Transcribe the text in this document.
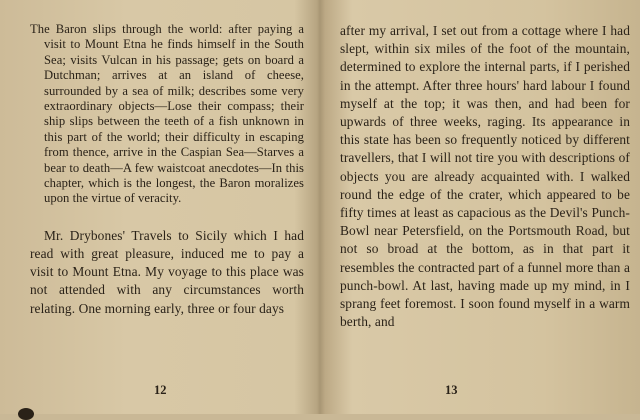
The Baron slips through the world: after paying a visit to Mount Etna he finds himself in the South Sea; visits Vulcan in his passage; gets on board a Dutchman; arrives at an island of cheese, surrounded by a sea of milk; describes some very extraordinary objects—Lose their compass; their ship slips between the teeth of a fish unknown in this part of the world; their difficulty in escaping from thence, arrive in the Caspian Sea—Starves a bear to death—A few waistcoat anecdotes—In this chapter, which is the longest, the Baron moralizes upon the virtue of veracity.

Mr. Drybones' Travels to Sicily which I had read with great pleasure, induced me to pay a visit to Mount Etna. My voyage to this place was not attended with any circumstances worth relating. One morning early, three or four days

12

after my arrival, I set out from a cottage where I had slept, within six miles of the foot of the mountain, determined to explore the internal parts, if I perished in the attempt. After three hours' hard labour I found myself at the top; it was then, and had been for upwards of three weeks, raging. Its appearance in this state has been so frequently noticed by different travellers, that I will not tire you with descriptions of objects you are already acquainted with. I walked round the edge of the crater, which appeared to be fifty times at least as capacious as the Devil's Punch-Bowl near Petersfield, on the Portsmouth Road, but not so broad at the bottom, as in that part it resembles the contracted part of a funnel more than a punch-bowl. At last, having made up my mind, in I sprang feet foremost. I soon found myself in a warm berth, and

13
